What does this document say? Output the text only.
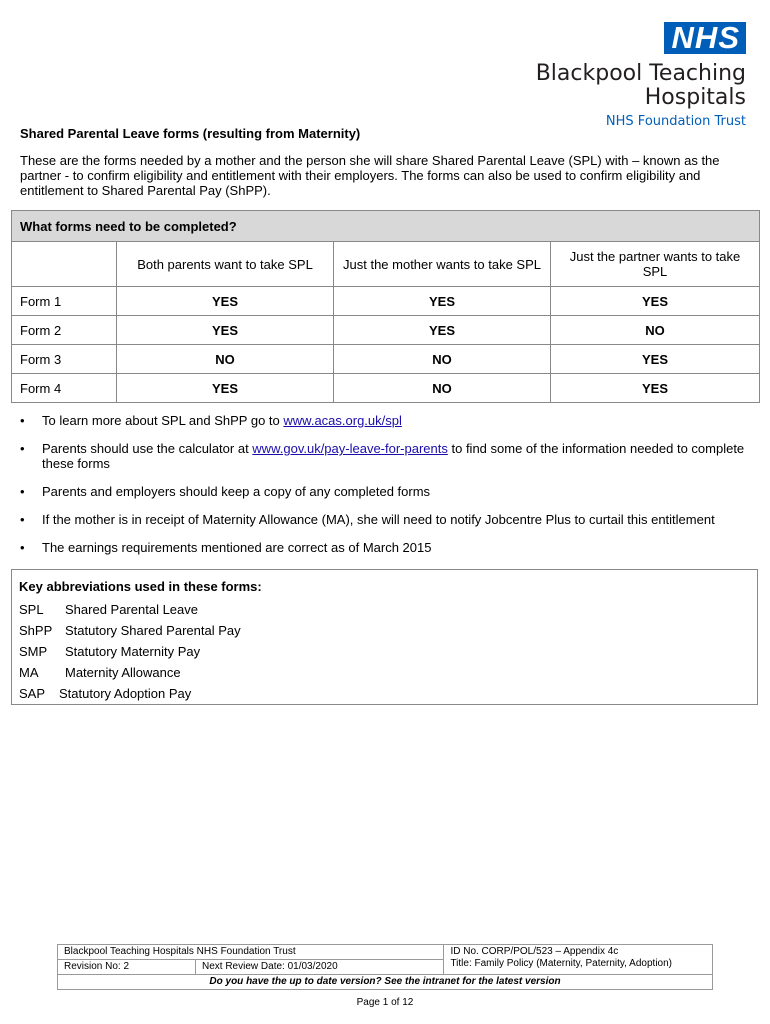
NHS
Blackpool Teaching
Hospitals
NHS Foundation Trust
Shared Parental Leave forms (resulting from Maternity)
These are the forms needed by a mother and the person she will share Shared Parental Leave (SPL) with – known as the partner - to confirm eligibility and entitlement with their employers. The forms can also be used to confirm eligibility and entitlement to Shared Parental Pay (ShPP).
What forms need to be completed?			
	Both parents want to take SPL	Just the mother wants to take SPL	Just the partner wants to take SPL
Form 1	YES	YES	YES
Form 2	YES	YES	NO
Form 3	NO	NO	YES
Form 4	YES	NO	YES
• To learn more about SPL and ShPP go to www.acas.org.uk/spl
• Parents should use the calculator at www.gov.uk/pay-leave-for-parents to find some of the information needed to complete these forms
• Parents and employers should keep a copy of any completed forms
• If the mother is in receipt of Maternity Allowance (MA), she will need to notify Jobcentre Plus to curtail this entitlement
• The earnings requirements mentioned are correct as of March 2015
Key abbreviations used in these forms:
SPL Shared Parental Leave
ShPP Statutory Shared Parental Pay
SMP Statutory Maternity Pay
MA Maternity Allowance
SAP Statutory Adoption Pay
Blackpool Teaching Hospitals NHS Foundation Trust		ID No. CORP/POL/523 – Appendix 4c
Title: Family Policy (Maternity, Paternity, Adoption)

Revision No: 2	Next Review Date: 01/03/2020	
Do you have the up to date version? See the intranet for the latest version		
Page 1 of 12
